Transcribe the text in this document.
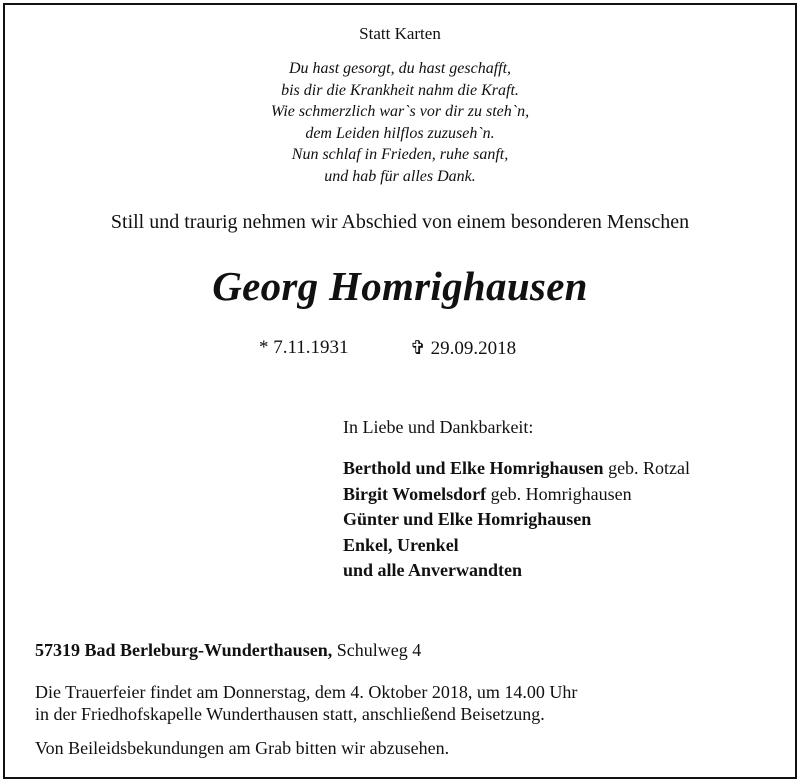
Statt Karten
Du hast gesorgt, du hast geschafft,
bis dir die Krankheit nahm die Kraft.
Wie schmerzlich war`s vor dir zu steh`n,
dem Leiden hilflos zuzuseh`n.
Nun schlaf in Frieden, ruhe sanft,
und hab für alles Dank.
Still und traurig nehmen wir Abschied von einem besonderen Menschen
Georg Homrighausen
* 7.11.1931	✞ 29.09.2018
In Liebe und Dankbarkeit:
Berthold und Elke Homrighausen geb. Rotzal
Birgit Womelsdorf geb. Homrighausen
Günter und Elke Homrighausen
Enkel, Urenkel
und alle Anverwandten
57319 Bad Berleburg-Wunderthausen, Schulweg 4
Die Trauerfeier findet am Donnerstag, dem 4. Oktober 2018, um 14.00 Uhr
in der Friedhofskapelle Wunderthausen statt, anschließend Beisetzung.
Von Beileidsbekundungen am Grab bitten wir abzusehen.
